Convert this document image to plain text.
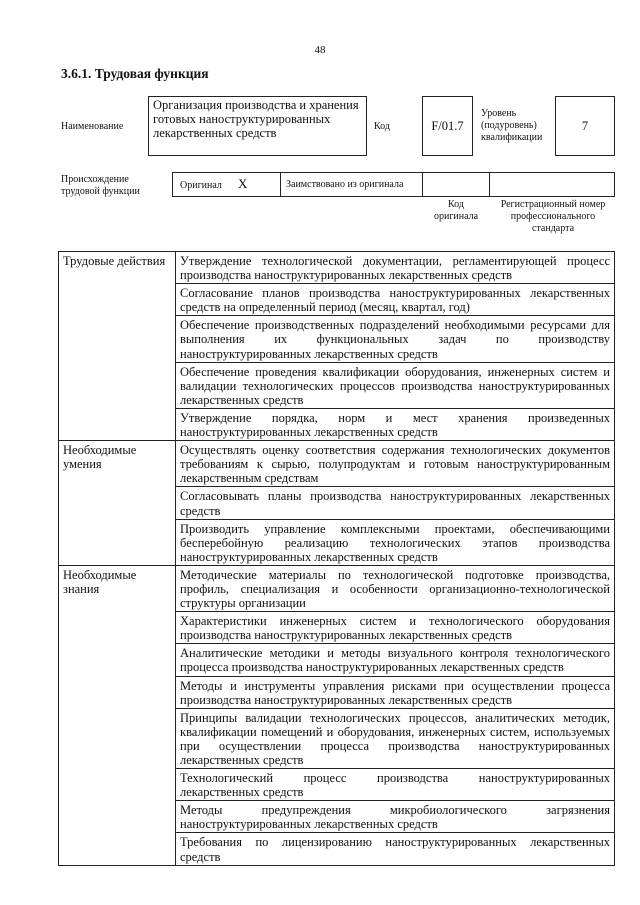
48
3.6.1. Трудовая функция
Наименование
Организация производства и хранения готовых наноструктурированных лекарственных средств	Код	F/01.7
Уровень (подуровень) квалификации
7
Происхождение трудовой функции
Оригинал X	Заимствовано из оригинала
Код оригинала
Регистрационный номер профессионального стандарта
Трудовые действия	Утверждение технологической документации, регламентирующей процесс производства наноструктурированных лекарственных средств
	Согласование планов производства наноструктурированных лекарственных средств на определенный период (месяц, квартал, год)
	Обеспечение производственных подразделений необходимыми ресурсами для выполнения их функциональных задач по производству наноструктурированных лекарственных средств
	Обеспечение проведения квалификации оборудования, инженерных систем и валидации технологических процессов производства наноструктурированных лекарственных средств
	Утверждение порядка, норм и мест хранения произведенных наноструктурированных лекарственных средств
Необходимые умения	Осуществлять оценку соответствия содержания технологических документов требованиям к сырью, полупродуктам и готовым наноструктурированным лекарственным средствам
	Согласовывать планы производства наноструктурированных лекарственных средств
	Производить управление комплексными проектами, обеспечивающими бесперебойную реализацию технологических этапов производства наноструктурированных лекарственных средств
Необходимые знания	Методические материалы по технологической подготовке производства, профиль, специализация и особенности организационно-технологической структуры организации
	Характеристики инженерных систем и технологического оборудования производства наноструктурированных лекарственных средств
	Аналитические методики и методы визуального контроля технологического процесса производства наноструктурированных лекарственных средств
	Методы и инструменты управления рисками при осуществлении процесса производства наноструктурированных лекарственных средств
	Принципы валидации технологических процессов, аналитических методик, квалификации помещений и оборудования, инженерных систем, используемых при осуществлении процесса производства наноструктурированных лекарственных средств
	Технологический процесс производства наноструктурированных лекарственных средств
	Методы предупреждения микробиологического загрязнения наноструктурированных лекарственных средств
	Требования по лицензированию наноструктурированных лекарственных средств
